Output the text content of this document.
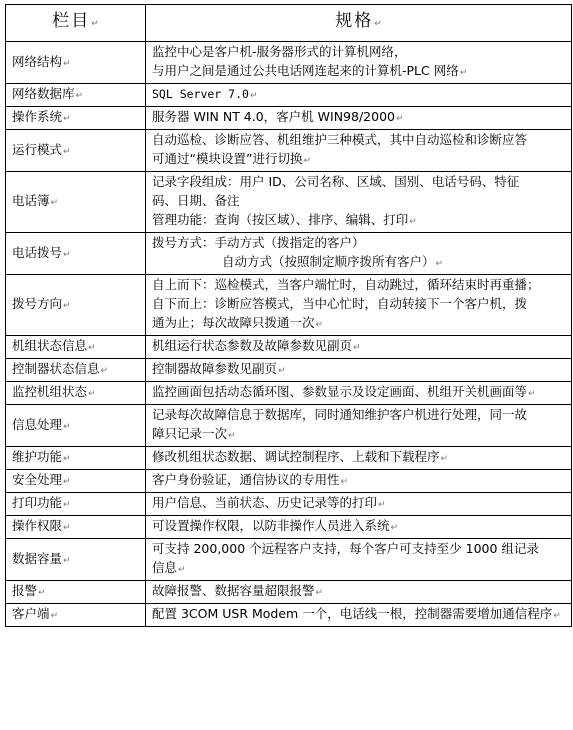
栏目↵	规格↵
网络结构↵	监控中心是客户机-服务器形式的计算机网络，
与用户之间是通过公共电话网连起来的计算机-PLC 网络↵
网络数据库↵	SQL Server 7.0↵
操作系统↵	服务器 WIN NT 4.0，客户机 WIN98/2000↵
运行模式↵	自动巡检、诊断应答、机组维护三种模式，其中自动巡检和诊断应答
可通过“模块设置”进行切换↵
电话簿↵	记录字段组成：用户 ID、公司名称、区域、国别、电话号码、特征
码、日期、备注
管理功能：查询（按区域）、排序、编辑、打印↵
电话拨号↵	拨号方式：手动方式（拨指定的客户）
自动方式（按照制定顺序拨所有客户）↵
拨号方向↵	自上而下：巡检模式，当客户端忙时，自动跳过，循环结束时再重播；
自下而上：诊断应答模式，当中心忙时，自动转接下一个客户机，拨
通为止；每次故障只拨通一次↵
机组状态信息↵	机组运行状态参数及故障参数见副页↵
控制器状态信息↵	控制器故障参数见副页↵
监控机组状态↵	监控画面包括动态循环图、参数显示及设定画面、机组开关机画面等↵
信息处理↵	记录每次故障信息于数据库，同时通知维护客户机进行处理，同一故
障只记录一次↵
维护功能↵	修改机组状态数据、调试控制程序、上载和下载程序↵
安全处理↵	客户身份验证，通信协议的专用性↵
打印功能↵	用户信息、当前状态、历史记录等的打印↵
操作权限↵	可设置操作权限，以防非操作人员进入系统↵
数据容量↵	可支持 200,000 个远程客户支持，每个客户可支持至少 1000 组记录
信息↵
报警↵	故障报警、数据容量超限报警↵
客户端↵	配置 3COM USR Modem 一个，电话线一根，控制器需要增加通信程序↵
